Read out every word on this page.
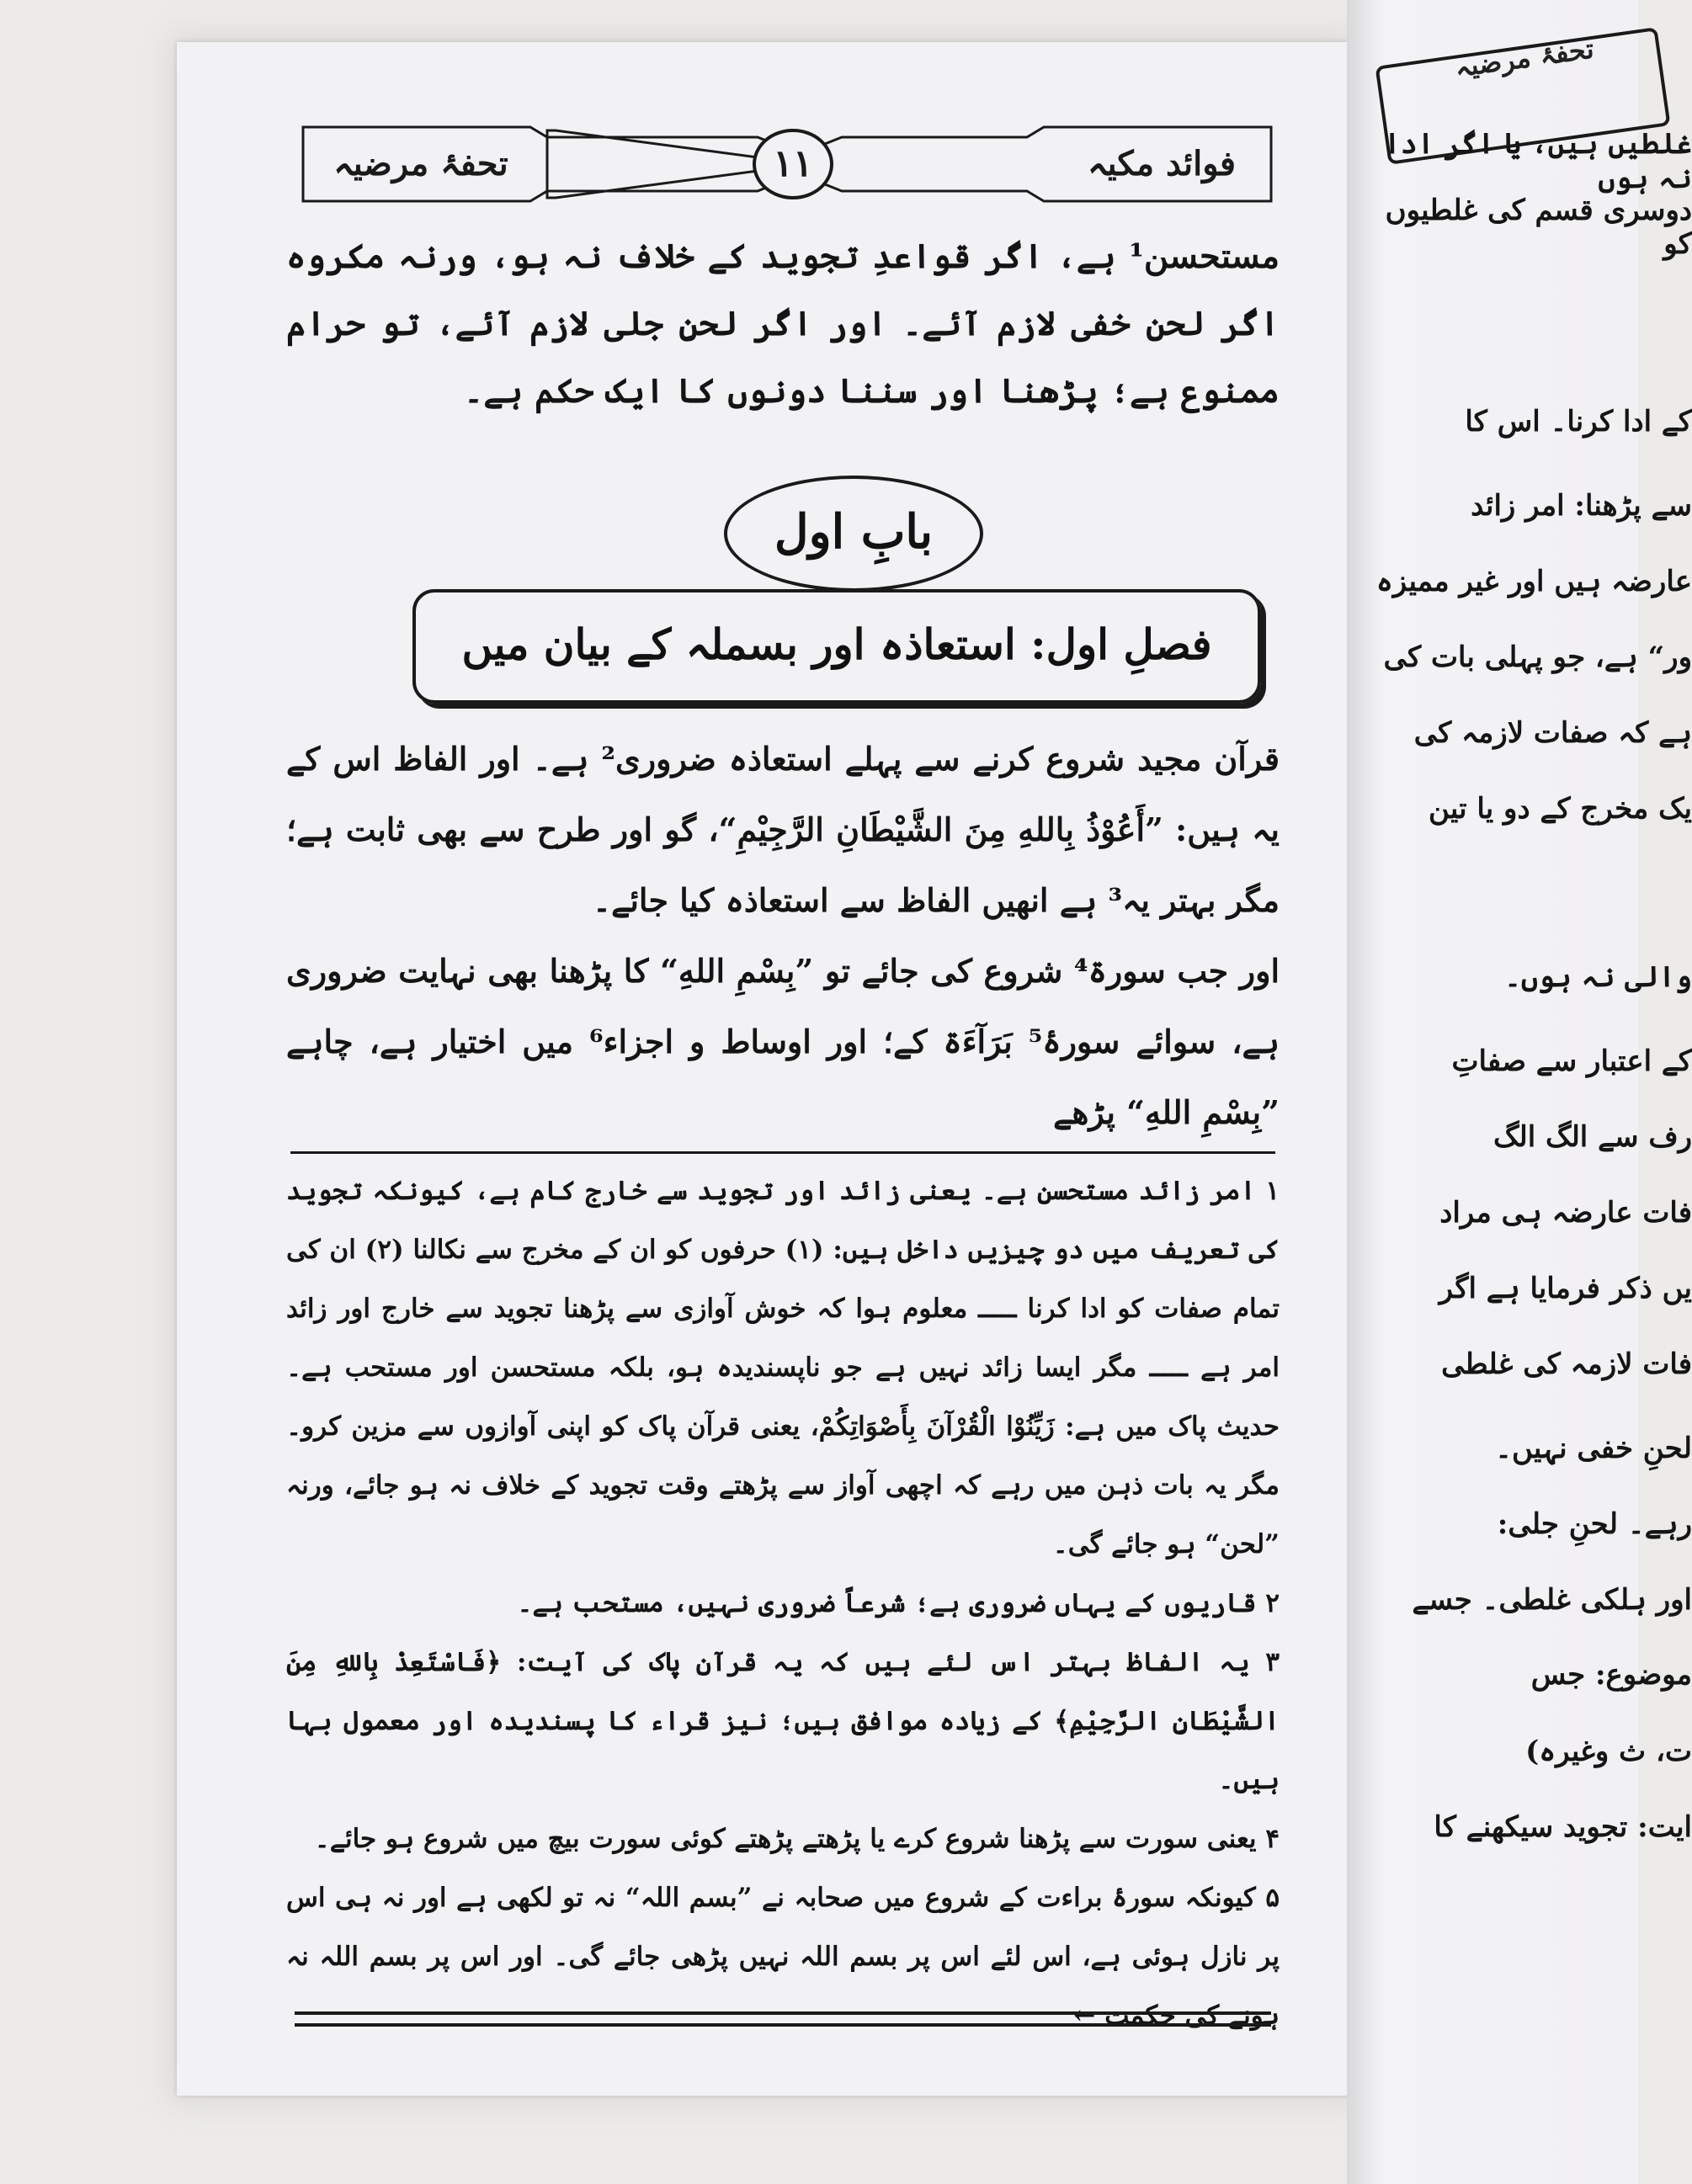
فوائد مکیہ
۱۱
تحفۂ مرضیہ
مستحسن¹ ہے، اگر قواعدِ تجوید کے خلاف نہ ہو، ورنہ مکروہ اگر لحن خفی لازم آئے۔ اور اگر لحنِ جلی لازم آئے، تو حرام ممنوع ہے؛ پڑھنا اور سننا دونوں کا ایک حکم ہے۔
بابِ اول
فصلِ اول: استعاذہ اور بسملہ کے بیان میں

قرآن مجید شروع کرنے سے پہلے استعاذہ ضروری² ہے۔ اور الفاظ اس کے یہ ہیں: ”أَعُوْذُ بِاللهِ مِنَ الشَّيْطَانِ الرَّجِيْمِ“، گو اور طرح سے بھی ثابت ہے؛ مگر بہتر یہ³ ہے انھیں الفاظ سے استعاذہ کیا جائے۔

اور جب سورۃ⁴ شروع کی جائے تو ”بِسْمِ اللهِ“ کا پڑھنا بھی نہایت ضروری ہے، سوائے سورۂ⁵ بَرَآءَۃ کے؛ اور اوساط و اجزاء⁶ میں اختیار ہے، چاہے ”بِسْمِ اللهِ“ پڑھے

۱ امر زائد مستحسن ہے۔ یعنی زائد اور تجوید سے خارج کام ہے، کیونکہ تجوید کی تعریف میں دو چیزیں داخل ہیں: (۱) حرفوں کو ان کے مخرج سے نکالنا (۲) ان کی تمام صفات کو ادا کرنا ـــــ معلوم ہوا کہ خوش آوازی سے پڑھنا تجوید سے خارج اور زائد امر ہے ـــــ مگر ایسا زائد نہیں ہے جو ناپسندیدہ ہو، بلکہ مستحسن اور مستحب ہے۔ حدیث پاک میں ہے: زَيِّنُوْا الْقُرْآنَ بِأَصْوَاتِكُمْ، یعنی قرآن پاک کو اپنی آوازوں سے مزین کرو۔ مگر یہ بات ذہن میں رہے کہ اچھی آواز سے پڑھتے وقت تجوید کے خلاف نہ ہو جائے، ورنہ ”لحن“ ہو جائے گی۔

۲ قاریوں کے یہاں ضروری ہے؛ شرعاً ضروری نہیں، مستحب ہے۔

۳ یہ الفاظ بہتر اس لئے ہیں کہ یہ قرآن پاک کی آیت: ﴿فَاسْتَعِذْ بِاللهِ مِنَ الشَّيْطَانِ الرَّجِيْمِ﴾ کے زیادہ موافق ہیں؛ نیز قراء کا پسندیدہ اور معمول بہا ہیں۔

۴ یعنی سورت سے پڑھنا شروع کرے یا پڑھتے پڑھتے کوئی سورت بیچ میں شروع ہو جائے۔

۵ کیونکہ سورۂ براءت کے شروع میں صحابہ نے ”بسم اللہ“ نہ تو لکھی ہے اور نہ ہی اس پر نازل ہوئی ہے، اس لئے اس پر بسم اللہ نہیں پڑھی جائے گی۔ اور اس پر بسم اللہ نہ ہونے کی حکمت ←

تحفۂ مرضیہ
غلطیں ہیں، یا اگر ادا نہ ہوں
دوسری قسم کی غلطیوں کو
کے ادا کرنا۔ اس کا
سے پڑھنا: امر زائد
عارضہ ہیں اور غیر ممیزہ
ور“ ہے، جو پہلی بات کی
ہے کہ صفات لازمہ کی
یک مخرج کے دو یا تین
والی نہ ہوں۔
کے اعتبار سے صفاتِ
رف سے الگ الگ
فات عارضہ ہی مراد
یں ذکر فرمایا ہے اگر
فات لازمہ کی غلطی
لحنِ خفی نہیں۔
رہے۔ لحنِ جلی:
اور ہلکی غلطی۔ جسے
موضوع: جس
ت، ث وغیرہ)
ایت: تجوید سیکھنے کا
